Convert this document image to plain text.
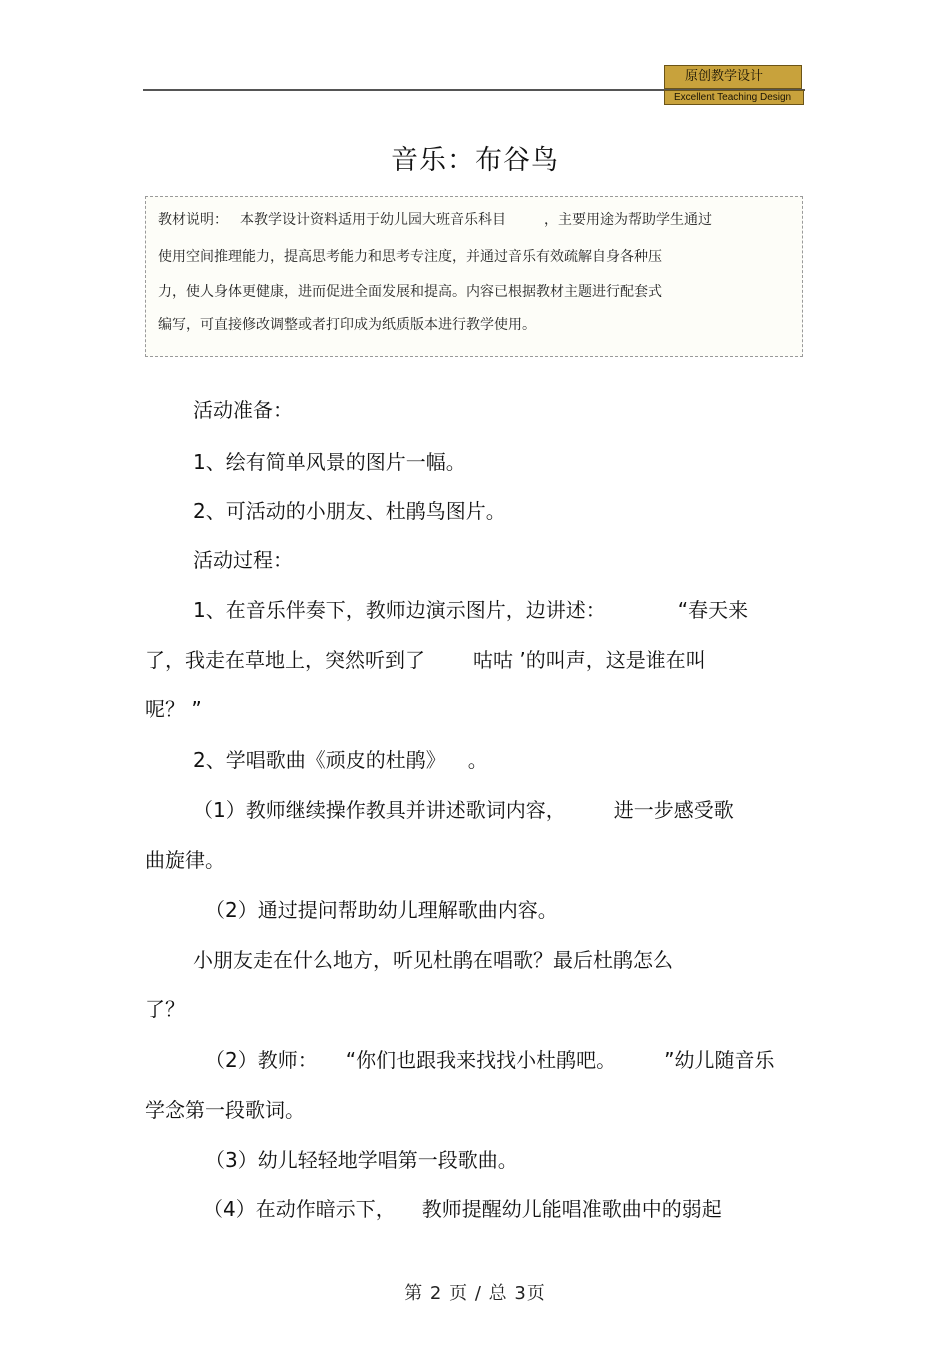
原创教学设计
Excellent Teaching Design
音乐：布谷鸟
教材说明： 本教学设计资料适用于幼儿园大班音乐科目	，主要用途为帮助学生通过
使用空间推理能力，提高思考能力和思考专注度，并通过音乐有效疏解自身各种压
力，使人身体更健康，进而促进全面发展和提高。内容已根据教材主题进行配套式
编写，可直接修改调整或者打印成为纸质版本进行教学使用。
活动准备：
1、绘有简单风景的图片一幅。
2、可活动的小朋友、杜鹃鸟图片。
活动过程：
1、在音乐伴奏下，教师边演示图片，边讲述：	“春天来
了，我走在草地上，突然听到了 咕咕 ’的叫声，这是谁在叫
呢？ ”
2、学唱歌曲《顽皮的杜鹃》 。
（1）教师继续操作教具并讲述歌词内容， 进一步感受歌
曲旋律。
（2）通过提问帮助幼儿理解歌曲内容。
小朋友走在什么地方，听见杜鹃在唱歌？最后杜鹃怎么
了？
（2）教师： “你们也跟我来找找小杜鹃吧。 ”幼儿随音乐
学念第一段歌词。
（3）幼儿轻轻地学唱第一段歌曲。
（4）在动作暗示下， 教师提醒幼儿能唱准歌曲中的弱起
第 2 页 / 总 3页
